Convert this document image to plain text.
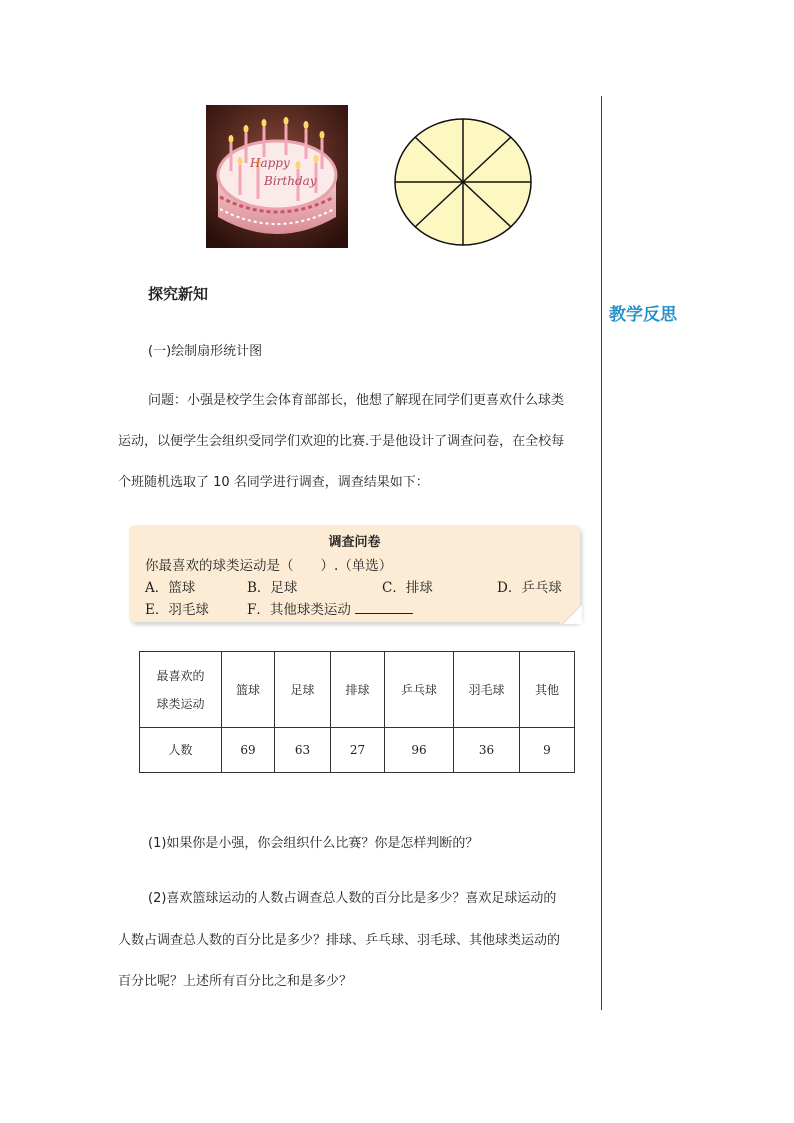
教学反思
Happy
Birthday
探究新知
(一)绘制扇形统计图
问题：小强是校学生会体育部部长，他想了解现在同学们更喜欢什么球类
运动，以便学生会组织受同学们欢迎的比赛.于是他设计了调查问卷，在全校每
个班随机选取了 10 名同学进行调查，调查结果如下：
调查问卷
你最喜欢的球类运动是（　　）.（单选）
A．篮球	B．足球	C．排球	D．乒乓球
E．羽毛球	F．其他球类运动
最喜欢的
球类运动	篮球	足球	排球	乒乓球	羽毛球	其他
人数	69	63	27	96	36	9
(1)如果你是小强，你会组织什么比赛？你是怎样判断的？
(2)喜欢篮球运动的人数占调查总人数的百分比是多少？喜欢足球运动的
人数占调查总人数的百分比是多少？排球、乒乓球、羽毛球、其他球类运动的
百分比呢？上述所有百分比之和是多少？
